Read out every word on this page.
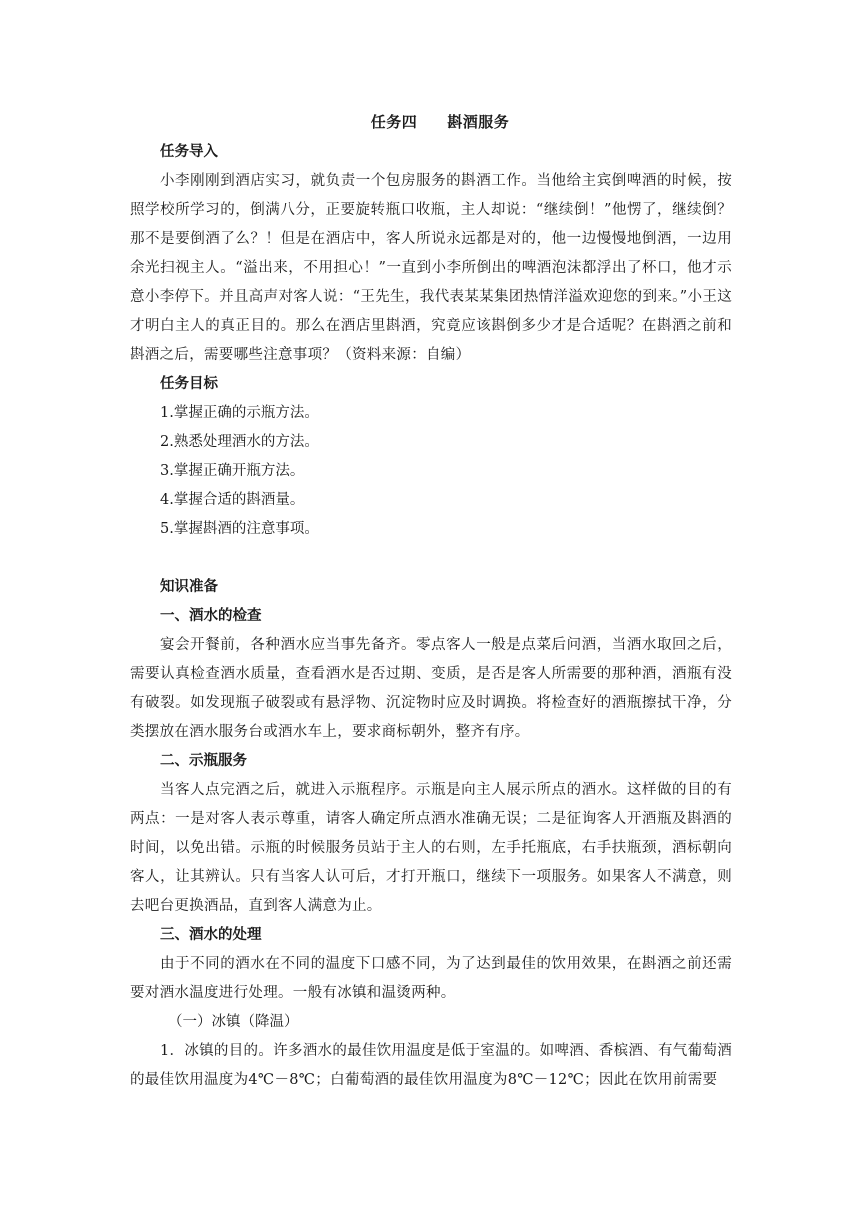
任务四 斟酒服务

任务导入

小李刚刚到酒店实习，就负责一个包房服务的斟酒工作。当他给主宾倒啤酒的时候，按照学校所学习的，倒满八分，正要旋转瓶口收瓶，主人却说：“继续倒！”他愣了，继续倒？那不是要倒酒了么？！但是在酒店中，客人所说永远都是对的，他一边慢慢地倒酒，一边用余光扫视主人。“溢出来，不用担心！”一直到小李所倒出的啤酒泡沫都浮出了杯口，他才示意小李停下。并且高声对客人说：“王先生，我代表某某集团热情洋溢欢迎您的到来。”小王这才明白主人的真正目的。那么在酒店里斟酒，究竟应该斟倒多少才是合适呢？在斟酒之前和斟酒之后，需要哪些注意事项？（资料来源：自编）

任务目标

1.掌握正确的示瓶方法。

2.熟悉处理酒水的方法。

3.掌握正确开瓶方法。

4.掌握合适的斟酒量。

5.掌握斟酒的注意事项。

知识准备

一、酒水的检查

宴会开餐前，各种酒水应当事先备齐。零点客人一般是点菜后问酒，当酒水取回之后，需要认真检查酒水质量，查看酒水是否过期、变质，是否是客人所需要的那种酒，酒瓶有没有破裂。如发现瓶子破裂或有悬浮物、沉淀物时应及时调换。将检查好的酒瓶擦拭干净，分类摆放在酒水服务台或酒水车上，要求商标朝外，整齐有序。

二、示瓶服务

当客人点完酒之后，就进入示瓶程序。示瓶是向主人展示所点的酒水。这样做的目的有两点：一是对客人表示尊重，请客人确定所点酒水准确无误；二是征询客人开酒瓶及斟酒的时间，以免出错。示瓶的时候服务员站于主人的右则，左手托瓶底，右手扶瓶颈，酒标朝向客人，让其辨认。只有当客人认可后，才打开瓶口，继续下一项服务。如果客人不满意，则去吧台更换酒品，直到客人满意为止。

三、酒水的处理

由于不同的酒水在不同的温度下口感不同，为了达到最佳的饮用效果，在斟酒之前还需要对酒水温度进行处理。一般有冰镇和温烫两种。

（一）冰镇（降温）

1．冰镇的目的。许多酒水的最佳饮用温度是低于室温的。如啤酒、香槟酒、有气葡萄酒的最佳饮用温度为4℃－8℃；白葡萄酒的最佳饮用温度为8℃－12℃；因此在饮用前需要
